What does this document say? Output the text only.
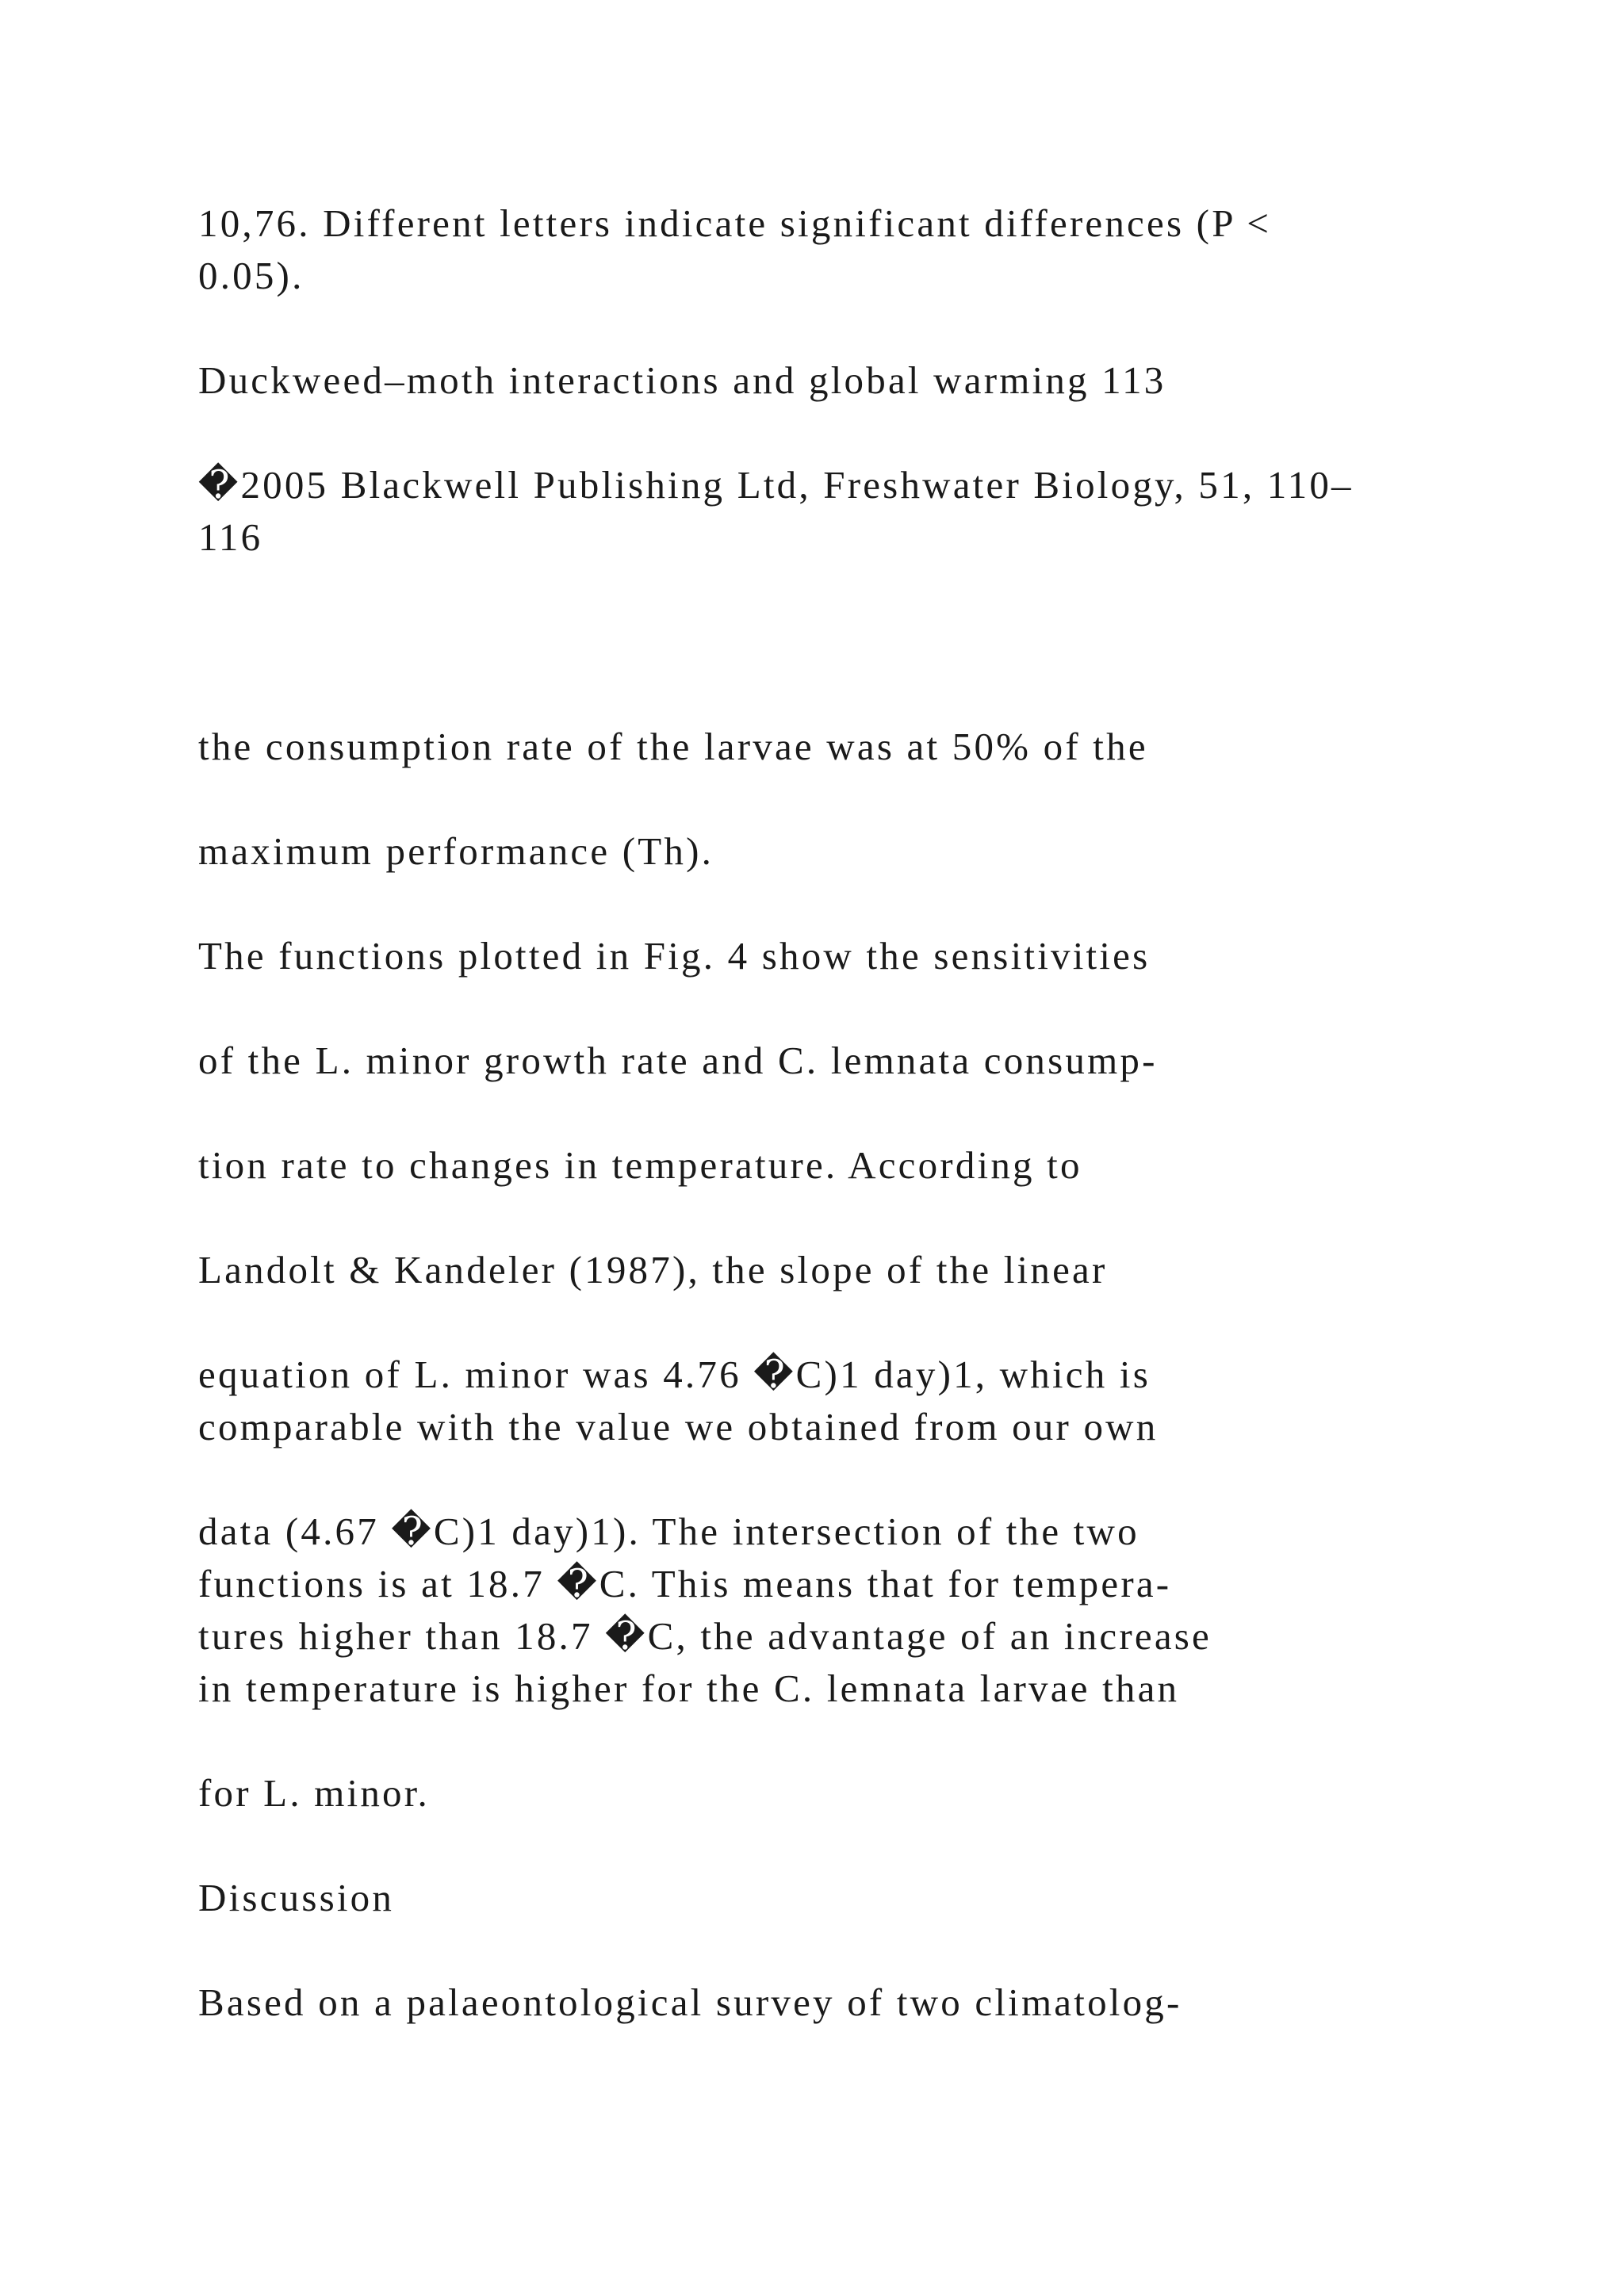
10,76. Different letters indicate significant differences (P <
0.05).

Duckweed–moth interactions and global warming 113

�2005 Blackwell Publishing Ltd, Freshwater Biology, 51, 110–
116

the consumption rate of the larvae was at 50% of the

maximum performance (Th).

The functions plotted in Fig. 4 show the sensitivities

of the L. minor growth rate and C. lemnata consump-

tion rate to changes in temperature. According to

Landolt & Kandeler (1987), the slope of the linear

equation of L. minor was 4.76 �C)1 day)1, which is
comparable with the value we obtained from our own

data (4.67 �C)1 day)1). The intersection of the two
functions is at 18.7 �C. This means that for tempera-
tures higher than 18.7 �C, the advantage of an increase
in temperature is higher for the C. lemnata larvae than

for L. minor.

Discussion

Based on a palaeontological survey of two climatolog-
